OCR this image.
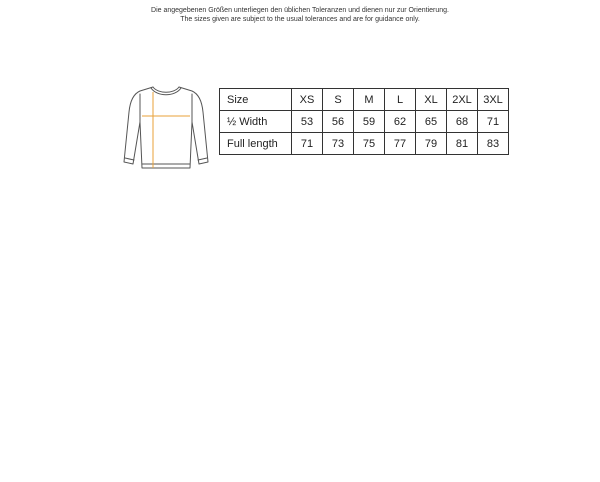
Die angegebenen Größen unterliegen den üblichen Toleranzen und dienen nur zur Orientierung.
The sizes given are subject to the usual tolerances and are for guidance only.
Size	XS	S	M	L	XL	2XL	3XL
½ Width	53	56	59	62	65	68	71
Full length	71	73	75	77	79	81	83
